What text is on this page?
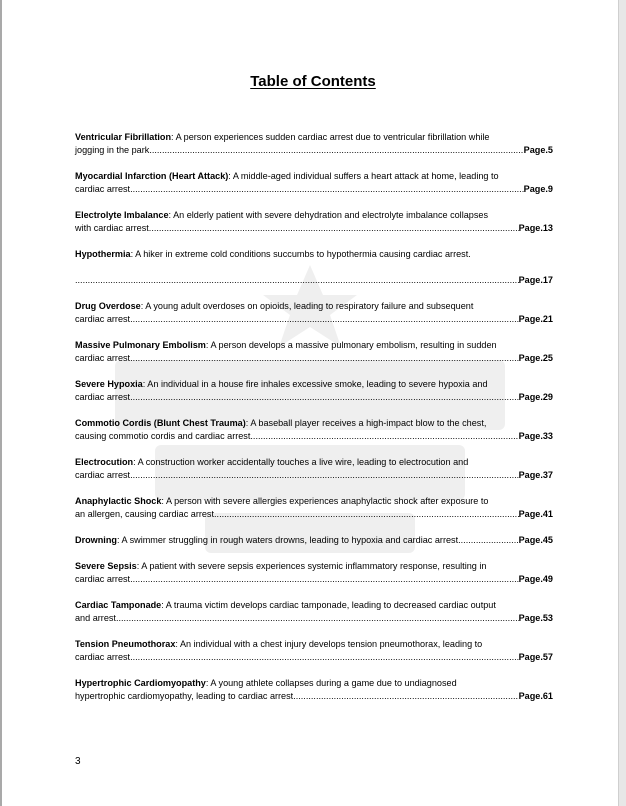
Table of Contents
Ventricular Fibrillation: A person experiences sudden cardiac arrest due to ventricular fibrillation while
jogging in the park .....	Page.5
Myocardial Infarction (Heart Attack): A middle-aged individual suffers a heart attack at home, leading to
cardiac arrest .....	Page.9
Electrolyte Imbalance: An elderly patient with severe dehydration and electrolyte imbalance collapses
with cardiac arrest .....	Page.13
Hypothermia: A hiker in extreme cold conditions succumbs to hypothermia causing cardiac arrest.
.....
Page.17
Drug Overdose: A young adult overdoses on opioids, leading to respiratory failure and subsequent
cardiac arrest .....	Page.21
Massive Pulmonary Embolism: A person develops a massive pulmonary embolism, resulting in sudden
cardiac arrest .....	Page.25
Severe Hypoxia: An individual in a house fire inhales excessive smoke, leading to severe hypoxia and
cardiac arrest .....	Page.29
Commotio Cordis (Blunt Chest Trauma): A baseball player receives a high-impact blow to the chest,
causing commotio cordis and cardiac arrest .....	Page.33
Electrocution: A construction worker accidentally touches a live wire, leading to electrocution and
cardiac arrest .....	Page.37
Anaphylactic Shock: A person with severe allergies experiences anaphylactic shock after exposure to
an allergen, causing cardiac arrest .....	Page.41
Drowning: A swimmer struggling in rough waters drowns, leading to hypoxia and cardiac arrest. .....	Page.45
Severe Sepsis: A patient with severe sepsis experiences systemic inflammatory response, resulting in
cardiac arrest .....	Page.49
Cardiac Tamponade: A trauma victim develops cardiac tamponade, leading to decreased cardiac output
and arrest .....	Page.53
Tension Pneumothorax: An individual with a chest injury develops tension pneumothorax, leading to
cardiac arrest .....	Page.57
Hypertrophic Cardiomyopathy: A young athlete collapses during a game due to undiagnosed
hypertrophic cardiomyopathy, leading to cardiac arrest .....	Page.61
3
